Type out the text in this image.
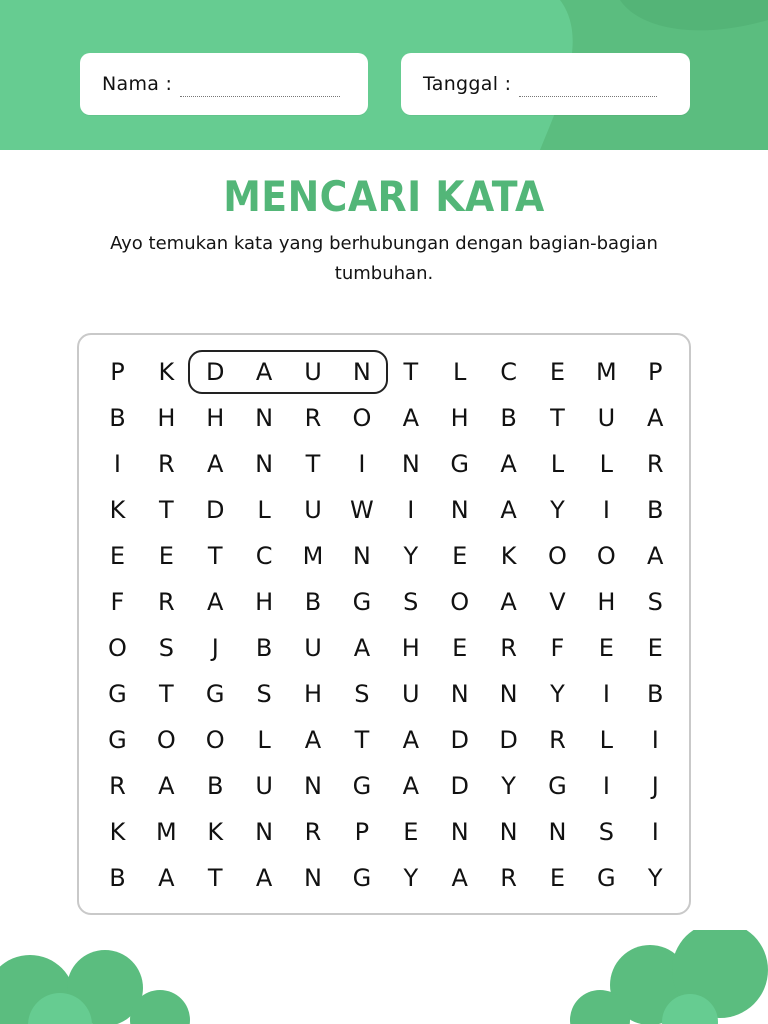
Nama :	Tanggal :
MENCARI KATA
Ayo temukan kata yang berhubungan dengan bagian-bagian tumbuhan.
P	K	D	A	U	N	T	L	C	E	M	P
B	H	H	N	R	O	A	H	B	T	U	A
I	R	A	N	T	I	N	G	A	L	L	R
K	T	D	L	U	W	I	N	A	Y	I	B
E	E	T	C	M	N	Y	E	K	O	O	A
F	R	A	H	B	G	S	O	A	V	H	S
O	S	J	B	U	A	H	E	R	F	E	E
G	T	G	S	H	S	U	N	N	Y	I	B
G	O	O	L	A	T	A	D	D	R	L	I
R	A	B	U	N	G	A	D	Y	G	I	J
K	M	K	N	R	P	E	N	N	N	S	I
B	A	T	A	N	G	Y	A	R	E	G	Y
